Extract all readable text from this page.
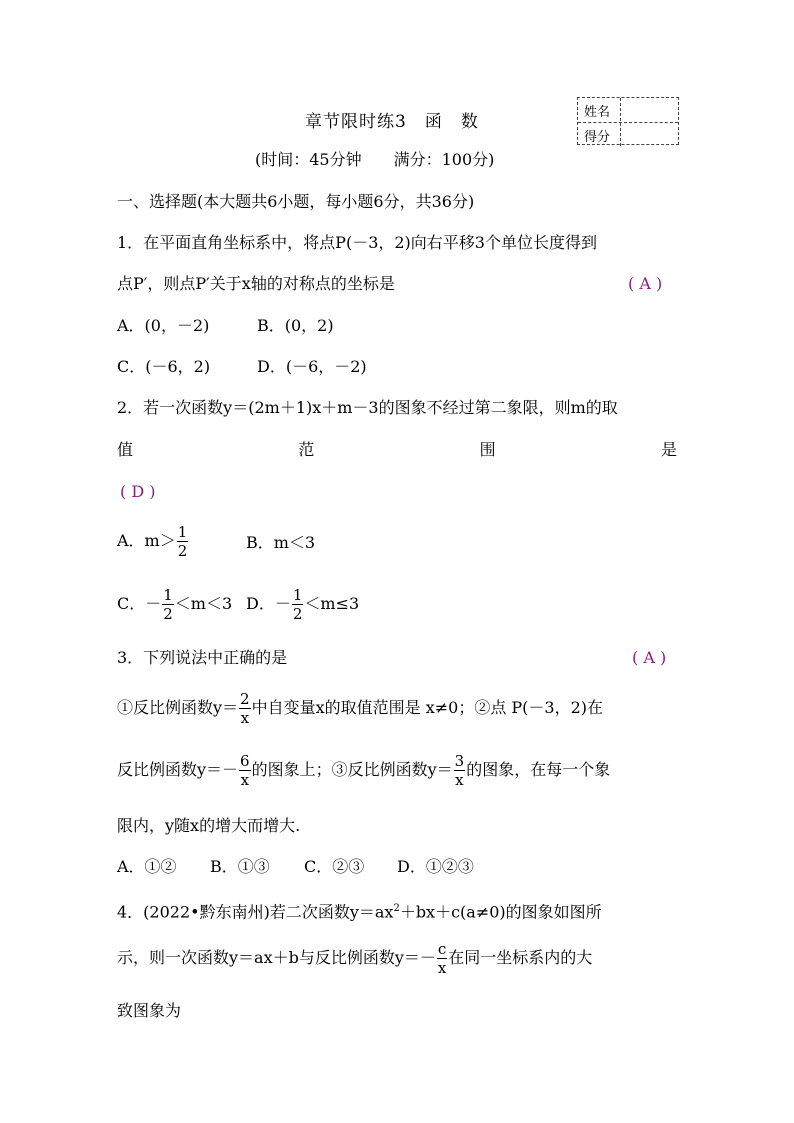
章节限时练3　函　数
(时间：45分钟　　满分：100分)
姓名
得分
一、选择题(本大题共6小题，每小题6分，共36分)
1．在平面直角坐标系中，将点P(－3，2)向右平移3个单位长度得到
点P′，则点P′关于x轴的对称点的坐标是	( A )
A．(0，－2)	B．(0，2)
C．(－6，2)	D．(－6，－2)
2．若一次函数y＝(2m＋1)x＋m－3的图象不经过第二象限，则m的取
值	范	围	是
( D )
A．$m> \frac{1}{2}$	B．m＜3
C．－ $\frac{1}{2} <m<3$ D．－ $\frac{1}{2} <m\le 3$
3．下列说法中正确的是	( A )
①反比例函数$y= \frac{2}{x}$ 中自变量x的取值范围是 x≠0；②点 P(－3，2)在
反比例函数$y=- \frac{6}{x}$ 的图象上；③反比例函数$y= \frac{3}{x}$ 的图象，在每一个象
限内，y随x的增大而增大.
A．①② B．①③ C．②③ D．①②③
4．(2022•黔东南州)若二次函数$y=ax^2+bx+c(a\ne 0)$的图象如图所
示，则一次函数y＝ax＋b与反比例函数$y=- \frac{c}{x}$ 在同一坐标系内的大
致图象为
